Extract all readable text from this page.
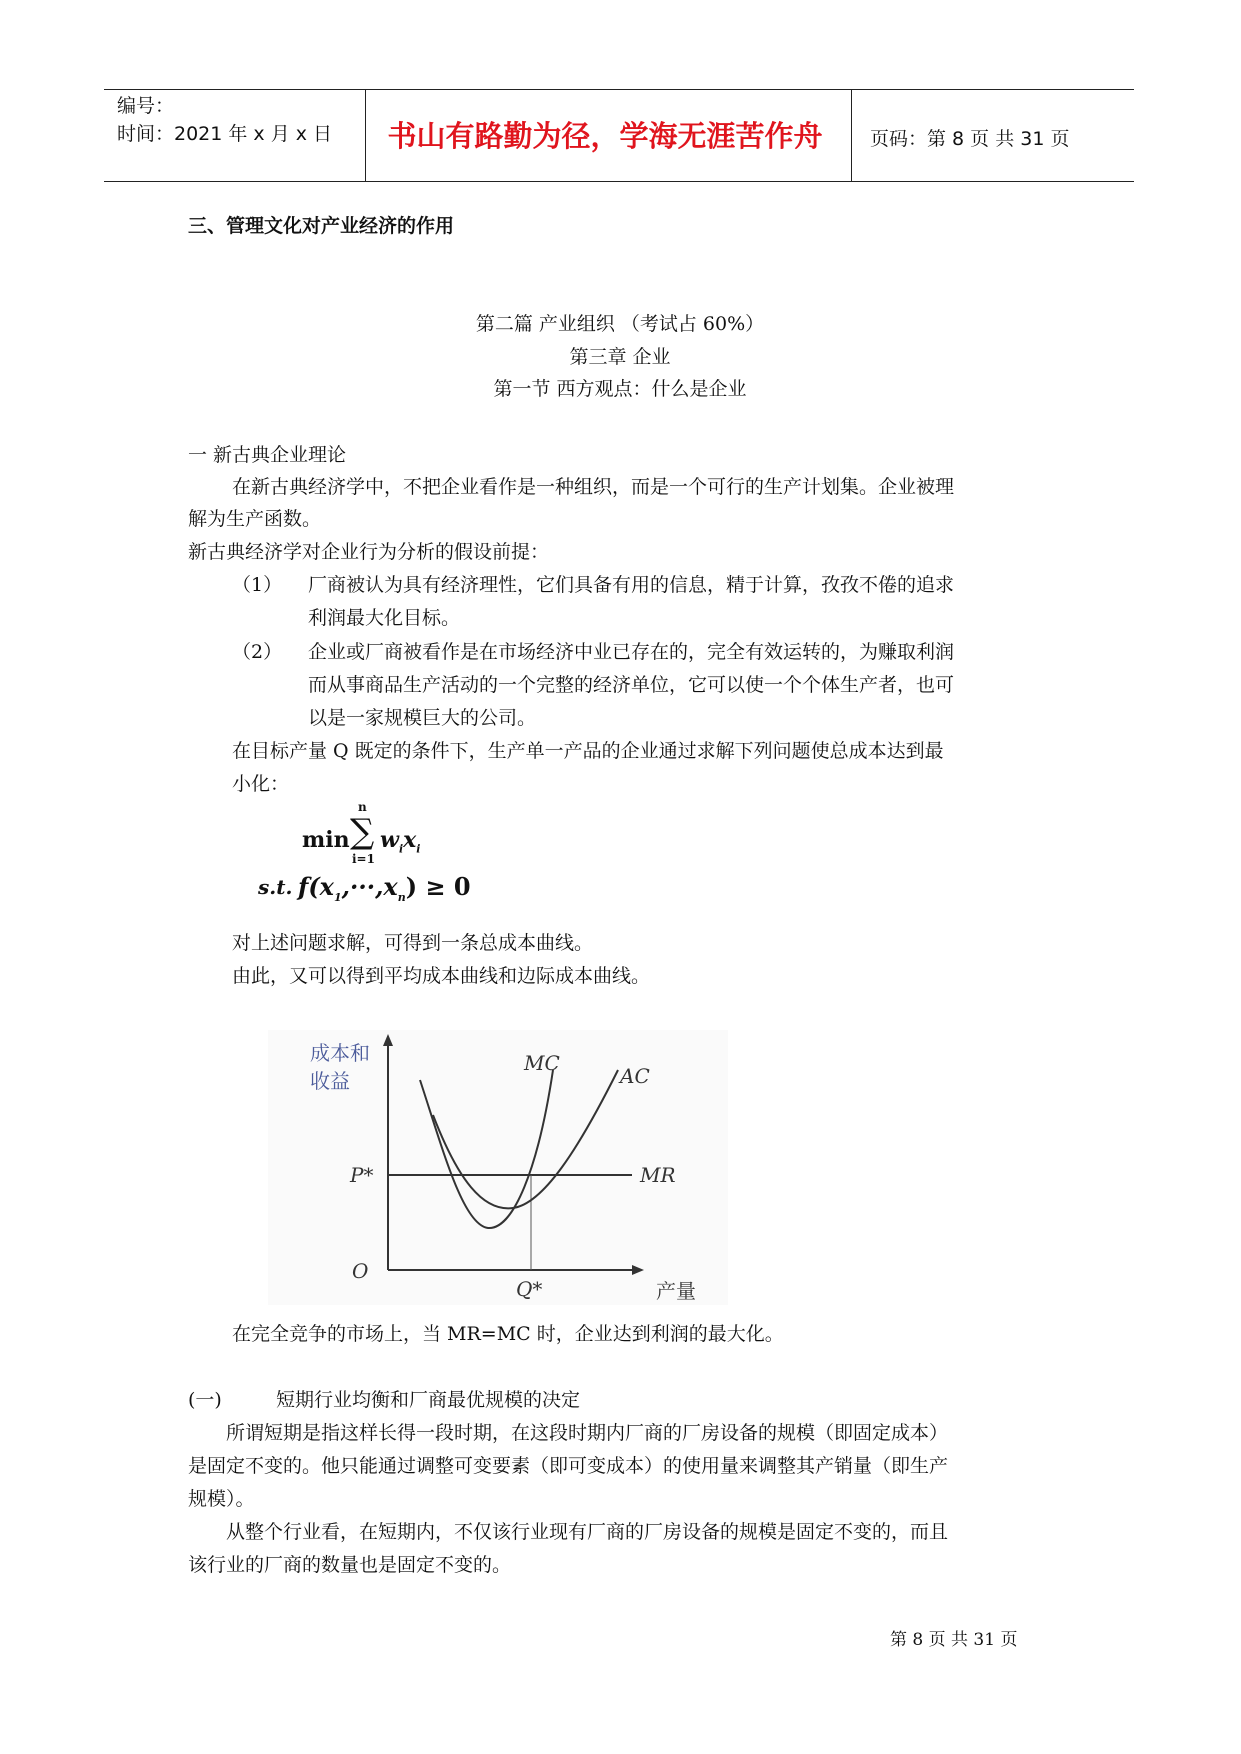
编号：
时间：2021 年 x 月 x 日	书山有路勤为径，学海无涯苦作舟	页码：第 8 页 共 31 页
三、管理文化对产业经济的作用
第二篇 产业组织 （考试占 60%）
第三章 企业
第一节 西方观点：什么是企业
一 新古典企业理论
在新古典经济学中，不把企业看作是一种组织，而是一个可行的生产计划集。企业被理
解为生产函数。
新古典经济学对企业行为分析的假设前提：
（1） 厂商被认为具有经济理性，它们具备有用的信息，精于计算，孜孜不倦的追求
利润最大化目标。
（2） 企业或厂商被看作是在市场经济中业已存在的，完全有效运转的，为赚取利润
而从事商品生产活动的一个完整的经济单位，它可以使一个个体生产者，也可
以是一家规模巨大的公司。
在目标产量 Q 既定的条件下，生产单一产品的企业通过求解下列问题使总成本达到最
小化：
min
n
∑
i=1
$w_ix_i$
s.t. $f(x_1,\cdot\cdot\cdot,x_n) \ge 0$
对上述问题求解，可得到一条总成本曲线。
由此，又可以得到平均成本曲线和边际成本曲线。
成本和
收益
MC
AC
MR
P*
O
Q*	产量
在完全竞争的市场上，当 MR=MC 时，企业达到利润的最大化。
(一)	短期行业均衡和厂商最优规模的决定
所谓短期是指这样长得一段时期，在这段时期内厂商的厂房设备的规模（即固定成本）
是固定不变的。他只能通过调整可变要素（即可变成本）的使用量来调整其产销量（即生产
规模）。
从整个行业看，在短期内，不仅该行业现有厂商的厂房设备的规模是固定不变的，而且
该行业的厂商的数量也是固定不变的。
第 8 页 共 31 页
